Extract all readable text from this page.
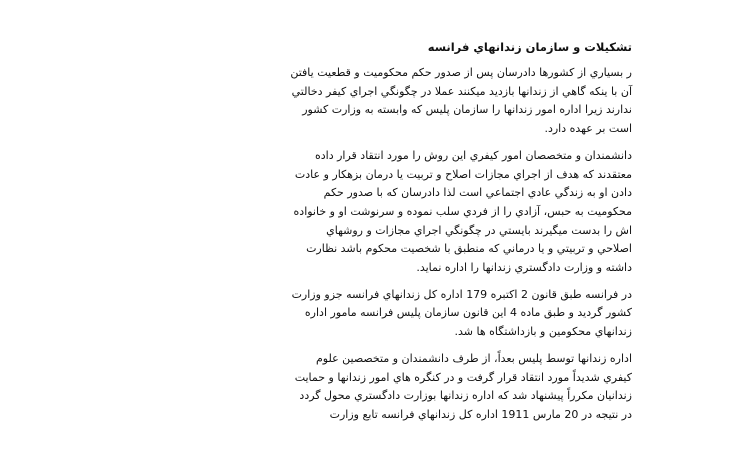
تشكيلات و سازمان زندانهاي فرانسه
ر بسياري از كشورها دادرسان پس از صدور حكم محكوميت و قطعيت يافتن
آن با ينكه گاهي از زندانها بازديد ميكنند عملا در چگونگي اجراي كيفر دخالتي
ندارند زيرا اداره امور زندانها را سازمان پليس كه وابسته به وزارت كشور
است بر عهده دارد.
دانشمندان و متخصصان امور كيفري اين روش را مورد انتقاد قرار داده
معتقدند كه هدف از اجراي مجازات اصلاح و تربيت يا درمان بزهكار و عادت
دادن او به زندگي عادي اجتماعي است لذا دادرسان كه با صدور حكم
محكوميت به حبس، آزادي را از فردي سلب نموده و سرنوشت او و خانواده
اش را بدست ميگيرند بايستي در چگونگي اجراي مجازات و روشهاي
اصلاحي و تربيتي و يا درماني كه منطبق با شخصيت محكوم باشد نظارت
داشته و وزارت دادگستري زندانها را اداره نمايد.
در فرانسه طبق قانون 2 اكتبره 179 اداره كل زندانهاي فرانسه جزو وزارت
كشور گرديد و طبق ماده 4 اين قانون سازمان پليس فرانسه مامور اداره
زندانهاي محكومين و بازداشتگاه ها شد.
اداره زندانها توسط پليس بعداً، از طرف دانشمندان و متخصصين علوم
كيفري شديداً مورد انتقاد قرار گرفت و در كنگره هاي امور زندانها و حمايت
زندانيان مكرراً پيشنهاد شد كه اداره زندانها بوزارت دادگستري محول گردد
در نتيجه در 20 مارس 1911 اداره كل زندانهاي فرانسه تابع وزارت
